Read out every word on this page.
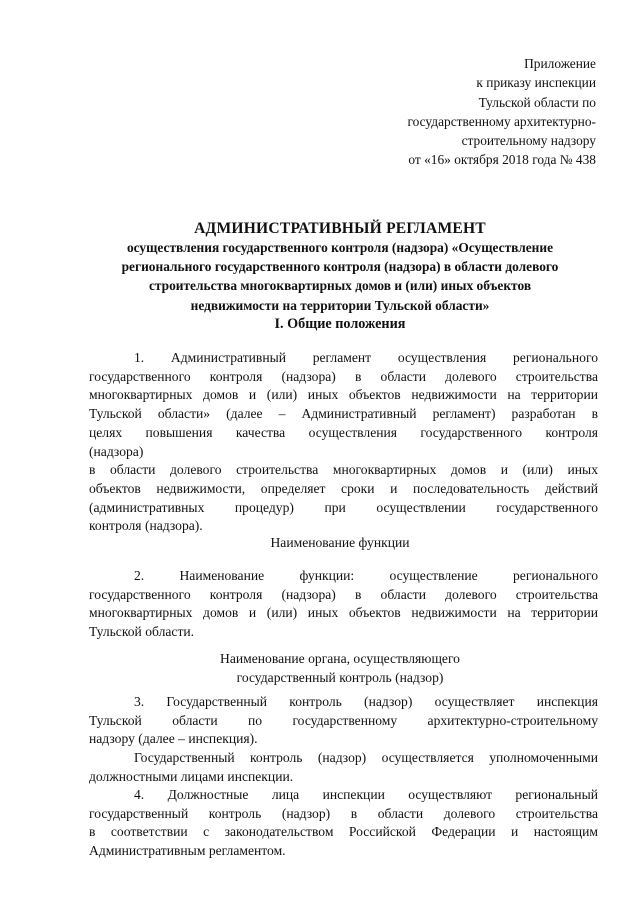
Приложение
к приказу инспекции
Тульской области по
государственному архитектурно-
строительному надзору
от «16» октября 2018 года № 438
АДМИНИСТРАТИВНЫЙ РЕГЛАМЕНТ
осуществления государственного контроля (надзора) «Осуществление
регионального государственного контроля (надзора) в области долевого
строительства многоквартирных домов и (или) иных объектов
недвижимости на территории Тульской области»
I. Общие положения
1. Административный регламент осуществления регионального
государственного контроля (надзора) в области долевого строительства
многоквартирных домов и (или) иных объектов недвижимости на территории
Тульской области» (далее – Административный регламент) разработан в
целях повышения качества осуществления государственного контроля
(надзора)
в области долевого строительства многоквартирных домов и (или) иных
объектов недвижимости, определяет сроки и последовательность действий
(административных процедур) при осуществлении государственного
контроля (надзора).
Наименование функции
2. Наименование функции: осуществление регионального
государственного контроля (надзора) в области долевого строительства
многоквартирных домов и (или) иных объектов недвижимости на территории
Тульской области.
Наименование органа, осуществляющего
государственный контроль (надзор)
3. Государственный контроль (надзор) осуществляет инспекция
Тульской области по государственному архитектурно-строительному
надзору (далее – инспекция).
Государственный контроль (надзор) осуществляется уполномоченными
должностными лицами инспекции.
4. Должностные лица инспекции осуществляют региональный
государственный контроль (надзор) в области долевого строительства
в соответствии с законодательством Российской Федерации и настоящим
Административным регламентом.
